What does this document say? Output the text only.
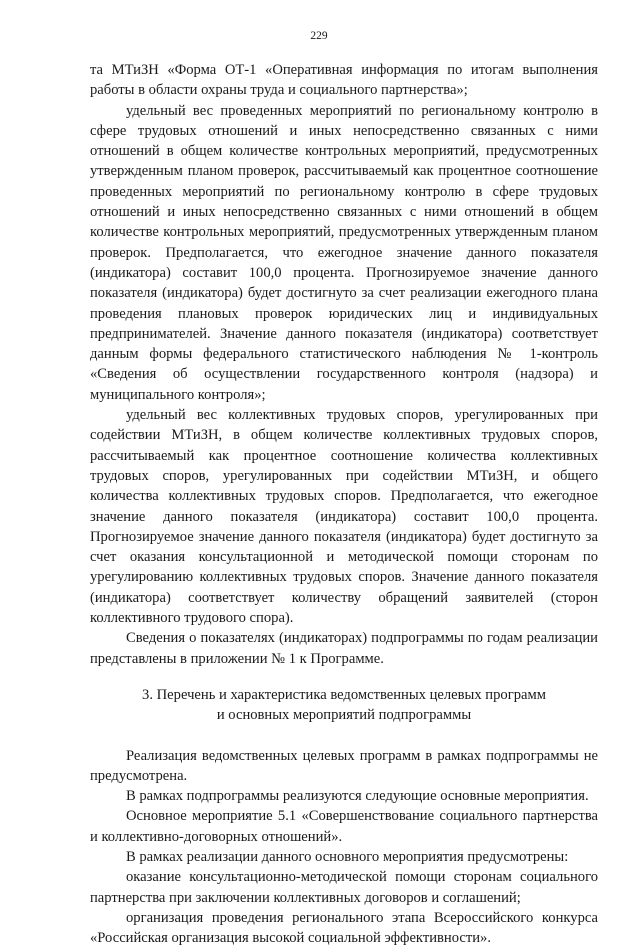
229

та МТиЗН «Форма ОТ-1 «Оперативная информация по итогам выполнения работы в области охраны труда и социального партнерства»;

удельный вес проведенных мероприятий по региональному контролю в сфере трудовых отношений и иных непосредственно связанных с ними отношений в общем количестве контрольных мероприятий, предусмотренных утвержденным планом проверок, рассчитываемый как процентное соотношение проведенных мероприятий по региональному контролю в сфере трудовых отношений и иных непосредственно связанных с ними отношений в общем количестве контрольных мероприятий, предусмотренных утвержденным планом проверок. Предполагается, что ежегодное значение данного показателя (индикатора) составит 100,0 процента. Прогнозируемое значение данного показателя (индикатора) будет достигнуто за счет реализации ежегодного плана проведения плановых проверок юридических лиц и индивидуальных предпринимателей. Значение данного показателя (индикатора) соответствует данным формы федерального статистического наблюдения № 1-контроль «Сведения об осуществлении государственного контроля (надзора) и муниципального контроля»;

удельный вес коллективных трудовых споров, урегулированных при содействии МТиЗН, в общем количестве коллективных трудовых споров, рассчитываемый как процентное соотношение количества коллективных трудовых споров, урегулированных при содействии МТиЗН, и общего количества коллективных трудовых споров. Предполагается, что ежегодное значение данного показателя (индикатора) составит 100,0 процента. Прогнозируемое значение данного показателя (индикатора) будет достигнуто за счет оказания консультационной и методической помощи сторонам по урегулированию коллективных трудовых споров. Значение данного показателя (индикатора) соответствует количеству обращений заявителей (сторон коллективного трудового спора).

Сведения о показателях (индикаторах) подпрограммы по годам реализации представлены в приложении № 1 к Программе.

3. Перечень и характеристика ведомственных целевых программ
и основных мероприятий подпрограммы

Реализация ведомственных целевых программ в рамках подпрограммы не предусмотрена.

В рамках подпрограммы реализуются следующие основные мероприятия.

Основное мероприятие 5.1 «Совершенствование социального партнерства и коллективно-договорных отношений».

В рамках реализации данного основного мероприятия предусмотрены:

оказание консультационно-методической помощи сторонам социального партнерства при заключении коллективных договоров и соглашений;

организация проведения регионального этапа Всероссийского конкурса «Российская организация высокой социальной эффективности».
